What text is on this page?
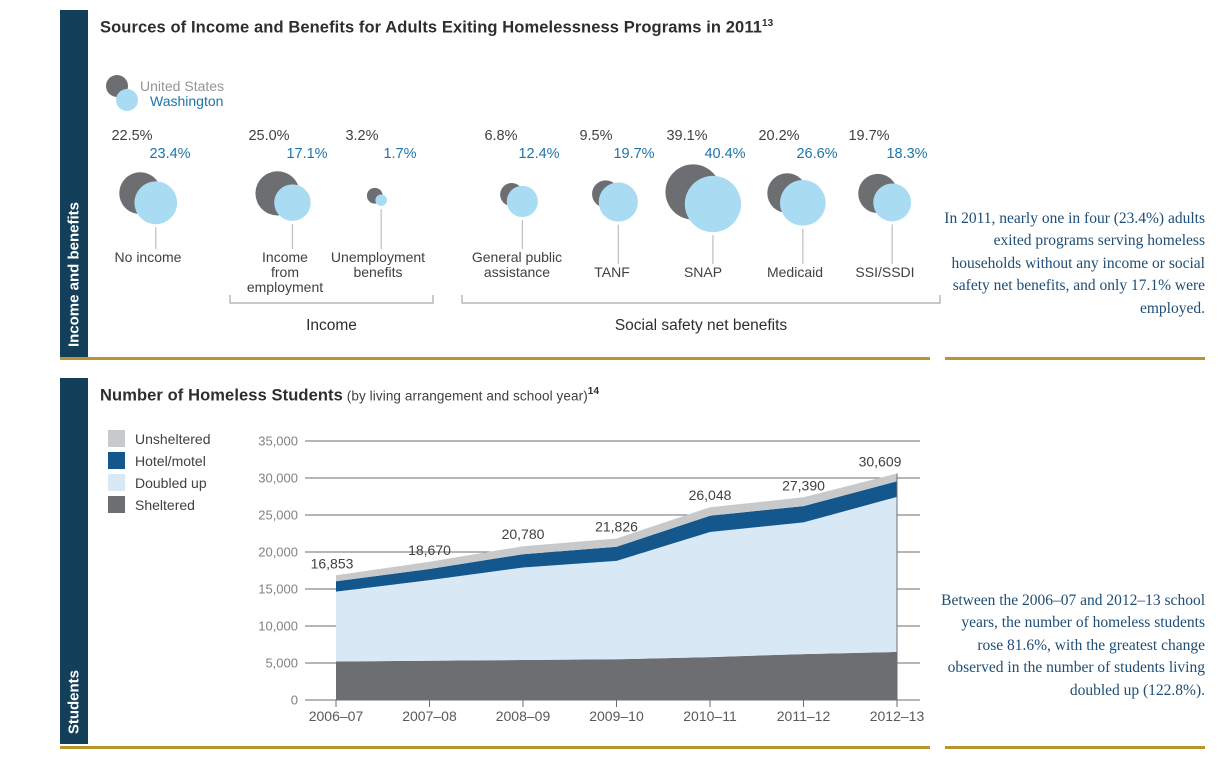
Income and benefits
Sources of Income and Benefits for Adults Exiting Homelessness Programs in 2011$^{13}$
United States
Washington
22.5%
23.4%
No income
25.0%
17.1%
Income from employment
3.2%
1.7%
Unemployment benefits
6.8%
12.4%
General public assistance
9.5%
19.7%
TANF
39.1%
40.4%
SNAP
20.2%
26.6%
Medicaid
19.7%
18.3%
SSI/SSDI
Income	Social safety net benefits
In 2011, nearly one in four (23.4%) adults exited programs serving homeless households without any income or social safety net benefits, and only 17.1% were employed.
Students
Number of Homeless Students (by living arrangement and school year)$^{14}$
Unsheltered
Hotel/motel
Doubled up
Sheltered
0
5,000
10,000
15,000
20,000
25,000
30,000
35,000
2006–07
16,853
2007–08
18,670
2008–09
20,780
2009–10
21,826
2010–11
26,048
2011–12
27,390
2012–13
30,609
Between the 2006–07 and 2012–13 school years, the number of homeless students rose 81.6%, with the greatest change observed in the number of students living doubled up (122.8%).
